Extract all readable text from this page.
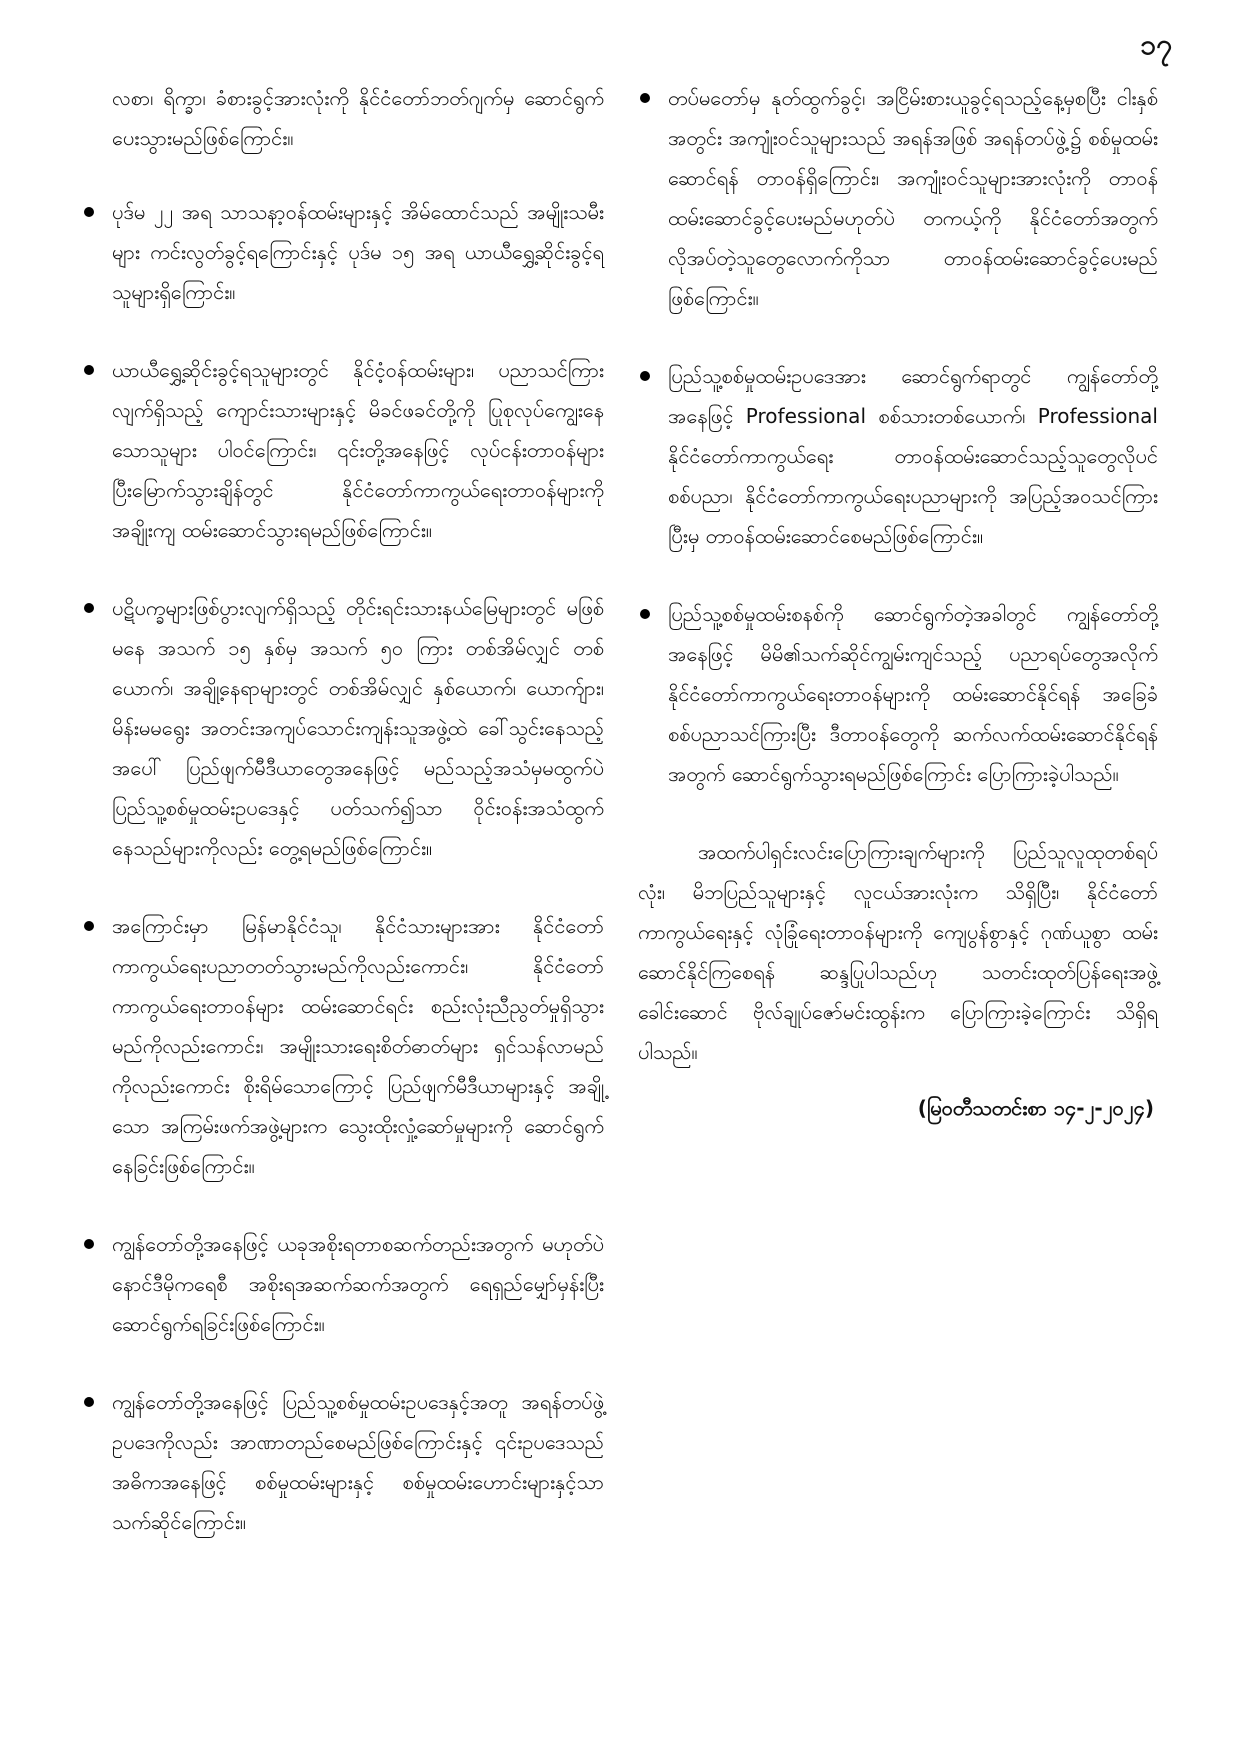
၁၇

လစာ၊ ရိက္ခာ၊ ခံစားခွင့်အားလုံးကို နိုင်ငံတော်ဘတ်ဂျက်မှ ဆောင်ရွက်ပေးသွားမည်ဖြစ်ကြောင်း။

ပုဒ်မ ၂၂ အရ သာသနာ့ဝန်ထမ်းများနှင့် အိမ်ထောင်သည် အမျိုးသမီးများ ကင်းလွတ်ခွင့်ရကြောင်းနှင့် ပုဒ်မ ၁၅ အရ ယာယီရွှေ့ဆိုင်းခွင့်ရသူများရှိကြောင်း။
ယာယီရွှေ့ဆိုင်းခွင့်ရသူများတွင် နိုင်ငံ့ဝန်ထမ်းများ၊ ပညာသင်ကြားလျက်ရှိသည့် ကျောင်းသားများနှင့် မိခင်ဖခင်တို့ကို ပြုစုလုပ်ကျွေးနေသောသူများ ပါဝင်ကြောင်း၊ ၎င်းတို့အနေဖြင့် လုပ်ငန်းတာဝန်များ ပြီးမြောက်သွားချိန်တွင် နိုင်ငံတော်ကာကွယ်ရေးတာဝန်များကို အချိုးကျ ထမ်းဆောင်သွားရမည်ဖြစ်ကြောင်း။
ပဋိပက္ခများဖြစ်ပွားလျက်ရှိသည့် တိုင်းရင်းသားနယ်မြေများတွင် မဖြစ်မနေ အသက် ၁၅ နှစ်မှ အသက် ၅၀ ကြား တစ်အိမ်လျှင် တစ်ယောက်၊ အချို့နေရာများတွင် တစ်အိမ်လျှင် နှစ်ယောက်၊ ယောက်ျား၊ မိန်းမမရွေး အတင်းအကျပ်သောင်းကျန်းသူအဖွဲ့ထဲ ခေါ်သွင်းနေသည့်အပေါ် ပြည်ဖျက်မီဒီယာတွေအနေဖြင့် မည်သည့်အသံမှမထွက်ပဲ ပြည်သူ့စစ်မှုထမ်းဥပဒေနှင့် ပတ်သက်၍သာ ဝိုင်းဝန်းအသံထွက်နေသည်များကိုလည်း တွေ့ရမည်ဖြစ်ကြောင်း။
အကြောင်းမှာ မြန်မာနိုင်ငံသူ၊ နိုင်ငံသားများအား နိုင်ငံတော်ကာကွယ်ရေးပညာတတ်သွားမည်ကိုလည်းကောင်း၊ နိုင်ငံတော်ကာကွယ်ရေးတာဝန်များ ထမ်းဆောင်ရင်း စည်းလုံးညီညွတ်မှုရှိသွားမည်ကိုလည်းကောင်း၊ အမျိုးသားရေးစိတ်ဓာတ်များ ရှင်သန်လာမည်ကိုလည်းကောင်း စိုးရိမ်သောကြောင့် ပြည်ဖျက်မီဒီယာများနှင့် အချို့သော အကြမ်းဖက်အဖွဲ့များက သွေးထိုးလှုံ့ဆော်မှုများကို ဆောင်ရွက်နေခြင်းဖြစ်ကြောင်း။
ကျွန်တော်တို့အနေဖြင့် ယခုအစိုးရတာစဆက်တည်းအတွက် မဟုတ်ပဲ နောင်ဒီမိုကရေစီ အစိုးရအဆက်ဆက်အတွက် ရေရှည်မျှော်မှန်းပြီး ဆောင်ရွက်ရခြင်းဖြစ်ကြောင်း။
ကျွန်တော်တို့အနေဖြင့် ပြည်သူ့စစ်မှုထမ်းဥပဒေနှင့်အတူ အရန်တပ်ဖွဲ့ဥပဒေကိုလည်း အာဏာတည်စေမည်ဖြစ်ကြောင်းနှင့် ၎င်းဥပဒေသည် အဓိကအနေဖြင့် စစ်မှုထမ်းများနှင့် စစ်မှုထမ်းဟောင်းများနှင့်သာ သက်ဆိုင်ကြောင်း။
တပ်မတော်မှ နုတ်ထွက်ခွင့်၊ အငြိမ်းစားယူခွင့်ရသည့်နေ့မှစပြီး ငါးနှစ်အတွင်း အကျုံးဝင်သူများသည် အရန်အဖြစ် အရန်တပ်ဖွဲ့၌ စစ်မှုထမ်းဆောင်ရန် တာဝန်ရှိကြောင်း၊ အကျုံးဝင်သူများအားလုံးကို တာဝန်ထမ်းဆောင်ခွင့်ပေးမည်မဟုတ်ပဲ တကယ့်ကို နိုင်ငံတော်အတွက် လိုအပ်တဲ့သူတွေလောက်ကိုသာ တာဝန်ထမ်းဆောင်ခွင့်ပေးမည်ဖြစ်ကြောင်း။
ပြည်သူ့စစ်မှုထမ်းဥပဒေအား ဆောင်ရွက်ရာတွင် ကျွန်တော်တို့အနေဖြင့် Professional စစ်သားတစ်ယောက်၊ Professional နိုင်ငံတော်ကာကွယ်ရေး တာဝန်ထမ်းဆောင်သည့်သူတွေလိုပင် စစ်ပညာ၊ နိုင်ငံတော်ကာကွယ်ရေးပညာများကို အပြည့်အဝသင်ကြားပြီးမှ တာဝန်ထမ်းဆောင်စေမည်ဖြစ်ကြောင်း။
ပြည်သူ့စစ်မှုထမ်းစနစ်ကို ဆောင်ရွက်တဲ့အခါတွင် ကျွန်တော်တို့အနေဖြင့် မိမိ၏သက်ဆိုင်ကျွမ်းကျင်သည့် ပညာရပ်တွေအလိုက် နိုင်ငံတော်ကာကွယ်ရေးတာဝန်များကို ထမ်းဆောင်နိုင်ရန် အခြေခံစစ်ပညာသင်ကြားပြီး ဒီတာဝန်တွေကို ဆက်လက်ထမ်းဆောင်နိုင်ရန်အတွက် ဆောင်ရွက်သွားရမည်ဖြစ်ကြောင်း ပြောကြားခဲ့ပါသည်။

အထက်ပါရှင်းလင်းပြောကြားချက်များကို ပြည်သူလူထုတစ်ရပ်လုံး၊ မိဘပြည်သူများနှင့် လူငယ်အားလုံးက သိရှိပြီး၊ နိုင်ငံတော်ကာကွယ်ရေးနှင့် လုံခြုံရေးတာဝန်များကို ကျေပွန်စွာနှင့် ဂုဏ်ယူစွာ ထမ်းဆောင်နိုင်ကြစေရန် ဆန္ဒပြုပါသည်ဟု သတင်းထုတ်ပြန်ရေးအဖွဲ့ခေါင်းဆောင် ဗိုလ်ချုပ်ဇော်မင်းထွန်းက ပြောကြားခဲ့ကြောင်း သိရှိရပါသည်။

(မြဝတီသတင်းစာ ၁၄-၂-၂၀၂၄)
